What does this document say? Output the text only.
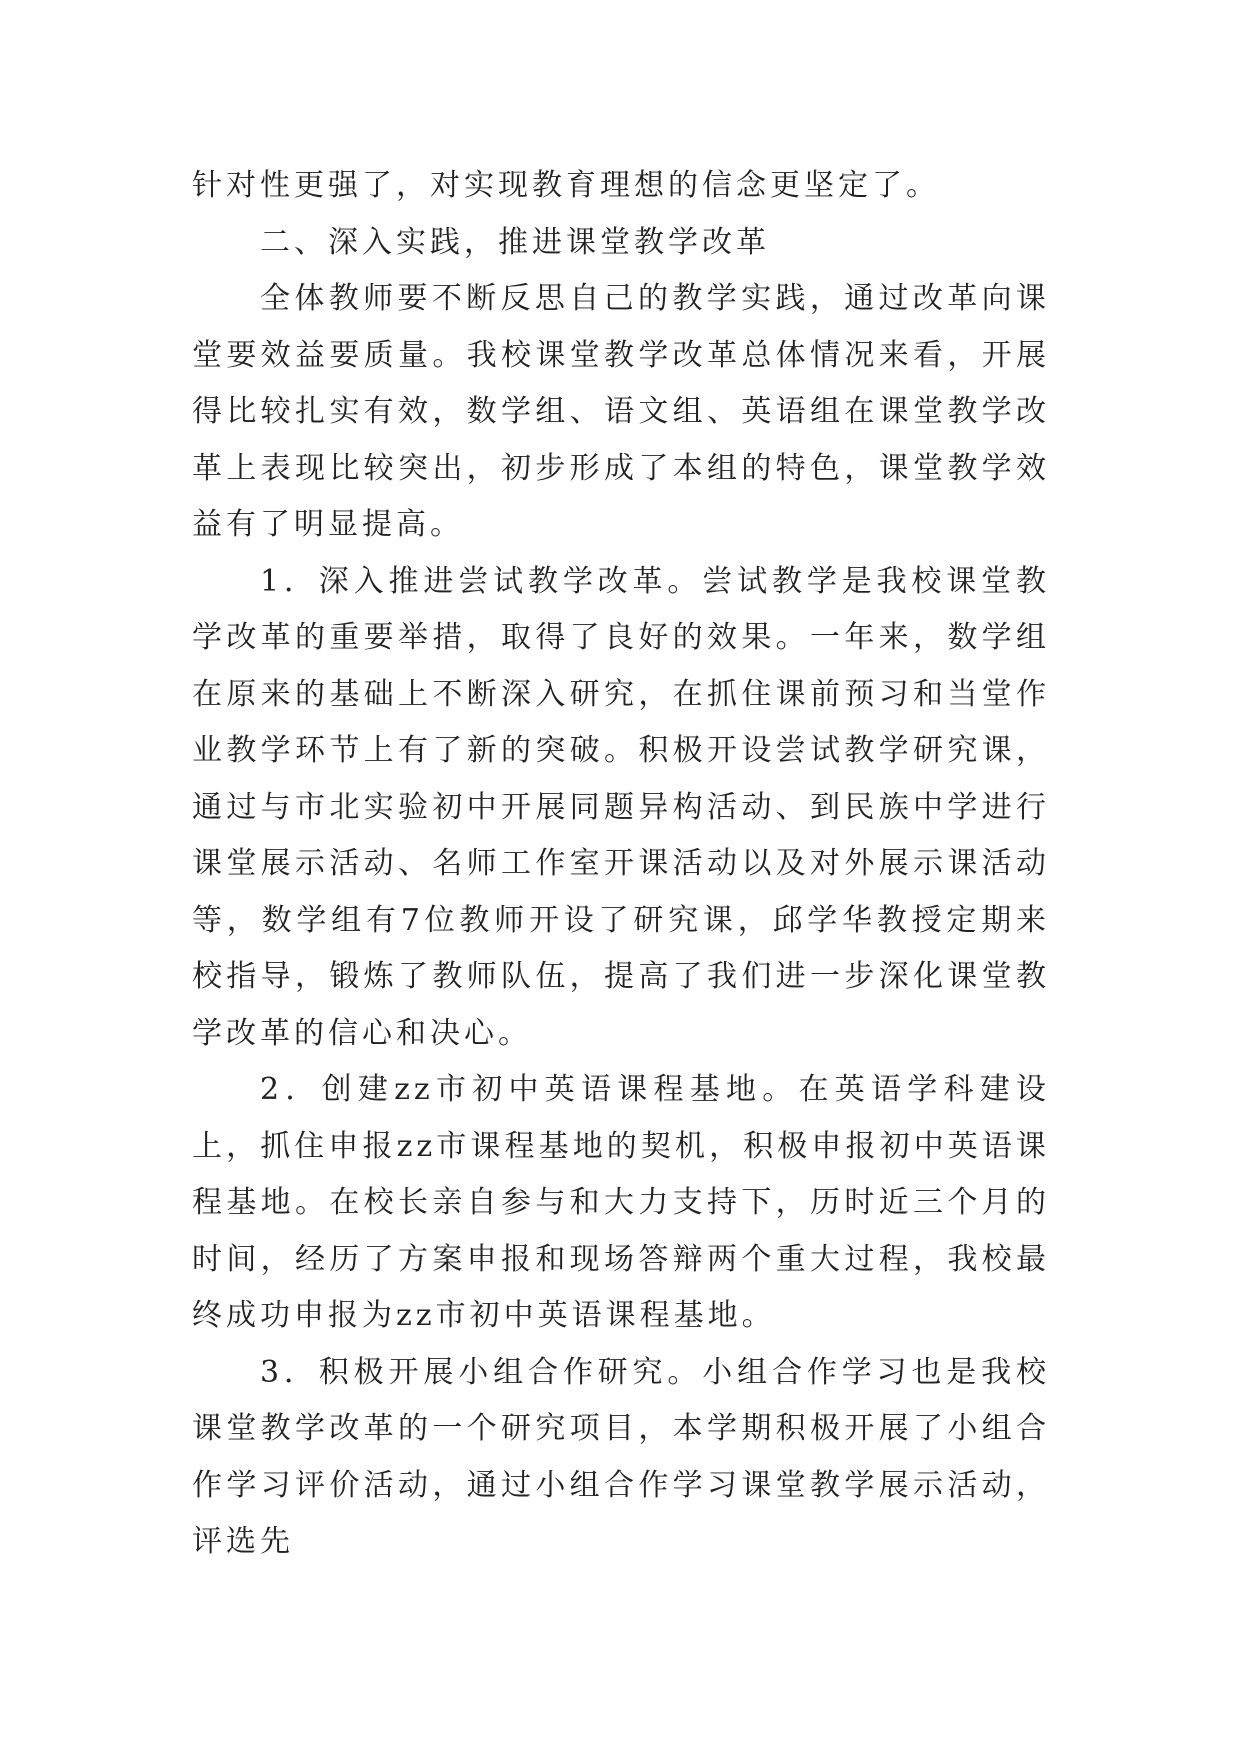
针对性更强了，对实现教育理想的信念更坚定了。

二、深入实践，推进课堂教学改革

全体教师要不断反思自己的教学实践，通过改革向课堂要效益要质量。我校课堂教学改革总体情况来看，开展得比较扎实有效，数学组、语文组、英语组在课堂教学改革上表现比较突出，初步形成了本组的特色，课堂教学效益有了明显提高。

1．深入推进尝试教学改革。尝试教学是我校课堂教学改革的重要举措，取得了良好的效果。一年来，数学组在原来的基础上不断深入研究，在抓住课前预习和当堂作业教学环节上有了新的突破。积极开设尝试教学研究课，通过与市北实验初中开展同题异构活动、到民族中学进行课堂展示活动、名师工作室开课活动以及对外展示课活动等，数学组有7位教师开设了研究课，邱学华教授定期来校指导，锻炼了教师队伍，提高了我们进一步深化课堂教学改革的信心和决心。

2．创建zz市初中英语课程基地。在英语学科建设上，抓住申报zz市课程基地的契机，积极申报初中英语课程基地。在校长亲自参与和大力支持下，历时近三个月的时间，经历了方案申报和现场答辩两个重大过程，我校最终成功申报为zz市初中英语课程基地。

3．积极开展小组合作研究。小组合作学习也是我校课堂教学改革的一个研究项目，本学期积极开展了小组合作学习评价活动，通过小组合作学习课堂教学展示活动，评选先
